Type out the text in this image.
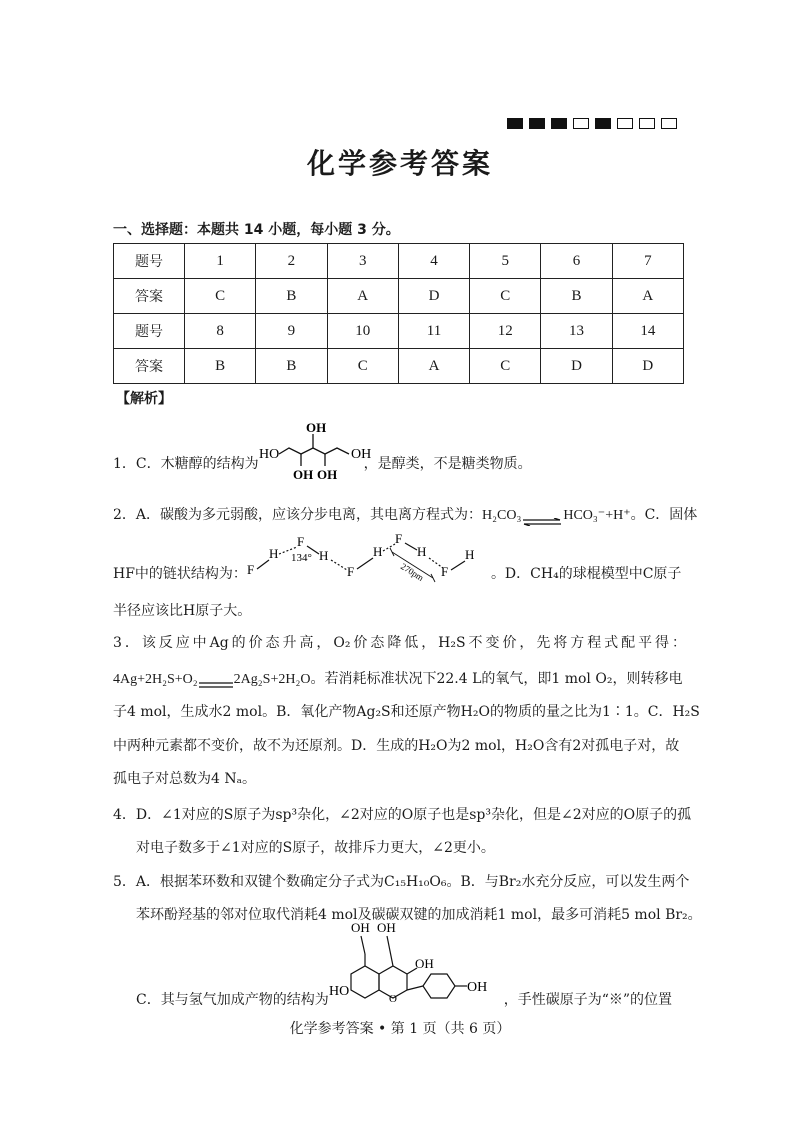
化学参考答案
一、选择题：本题共 14 小题，每小题 3 分。
题号	1	2	3	4	5	6	7
答案	C	B	A	D	C	B	A
题号	8	9	10	11	12	13	14
答案	B	B	C	A	C	D	D
【解析】
1．C．木糖醇的结构为
HO
OH
OH OH
OH
，是醇类，不是糖类物质。
2．A．碳酸为多元弱酸，应该分步电离，其电离方程式为：H₂CO₃⇌HCO₃⁻+H⁺。C．固体
HF中的链状结构为： F
H
F
134° H
F
H
F
H
F
H
270pm	。D．CH₄的球棍模型中C原子
半径应该比H原子大。
3．该反应中Ag的价态升高，O₂价态降低，H₂S不变价，先将方程式配平得：
4Ag+2H₂S+O₂	2Ag₂S+2H₂O。若消耗标准状况下22.4 L的氧气，即1 mol O₂，则转移电
子4 mol，生成水2 mol。B．氧化产物Ag₂S和还原产物H₂O的物质的量之比为1∶1。C．H₂S
中两种元素都不变价，故不为还原剂。D．生成的H₂O为2 mol，H₂O含有2对孤电子对，故
孤电子对总数为4 Nₐ。
4．D．∠1对应的S原子为sp³杂化，∠2对应的O原子也是sp³杂化，但是∠2对应的O原子的孤
对电子数多于∠1对应的S原子，故排斥力更大，∠2更小。
5．A．根据苯环数和双键个数确定分子式为C₁₅H₁₀O₆。B．与Br₂水充分反应，可以发生两个
苯环酚羟基的邻对位取代消耗4 mol及碳碳双键的加成消耗1 mol，最多可消耗5 mol Br₂。
C．其与氢气加成产物的结构为
HO	O
OH OH
OH
OH
，手性碳原子为“※”的位置
化学参考答案 • 第 1 页（共 6 页）
